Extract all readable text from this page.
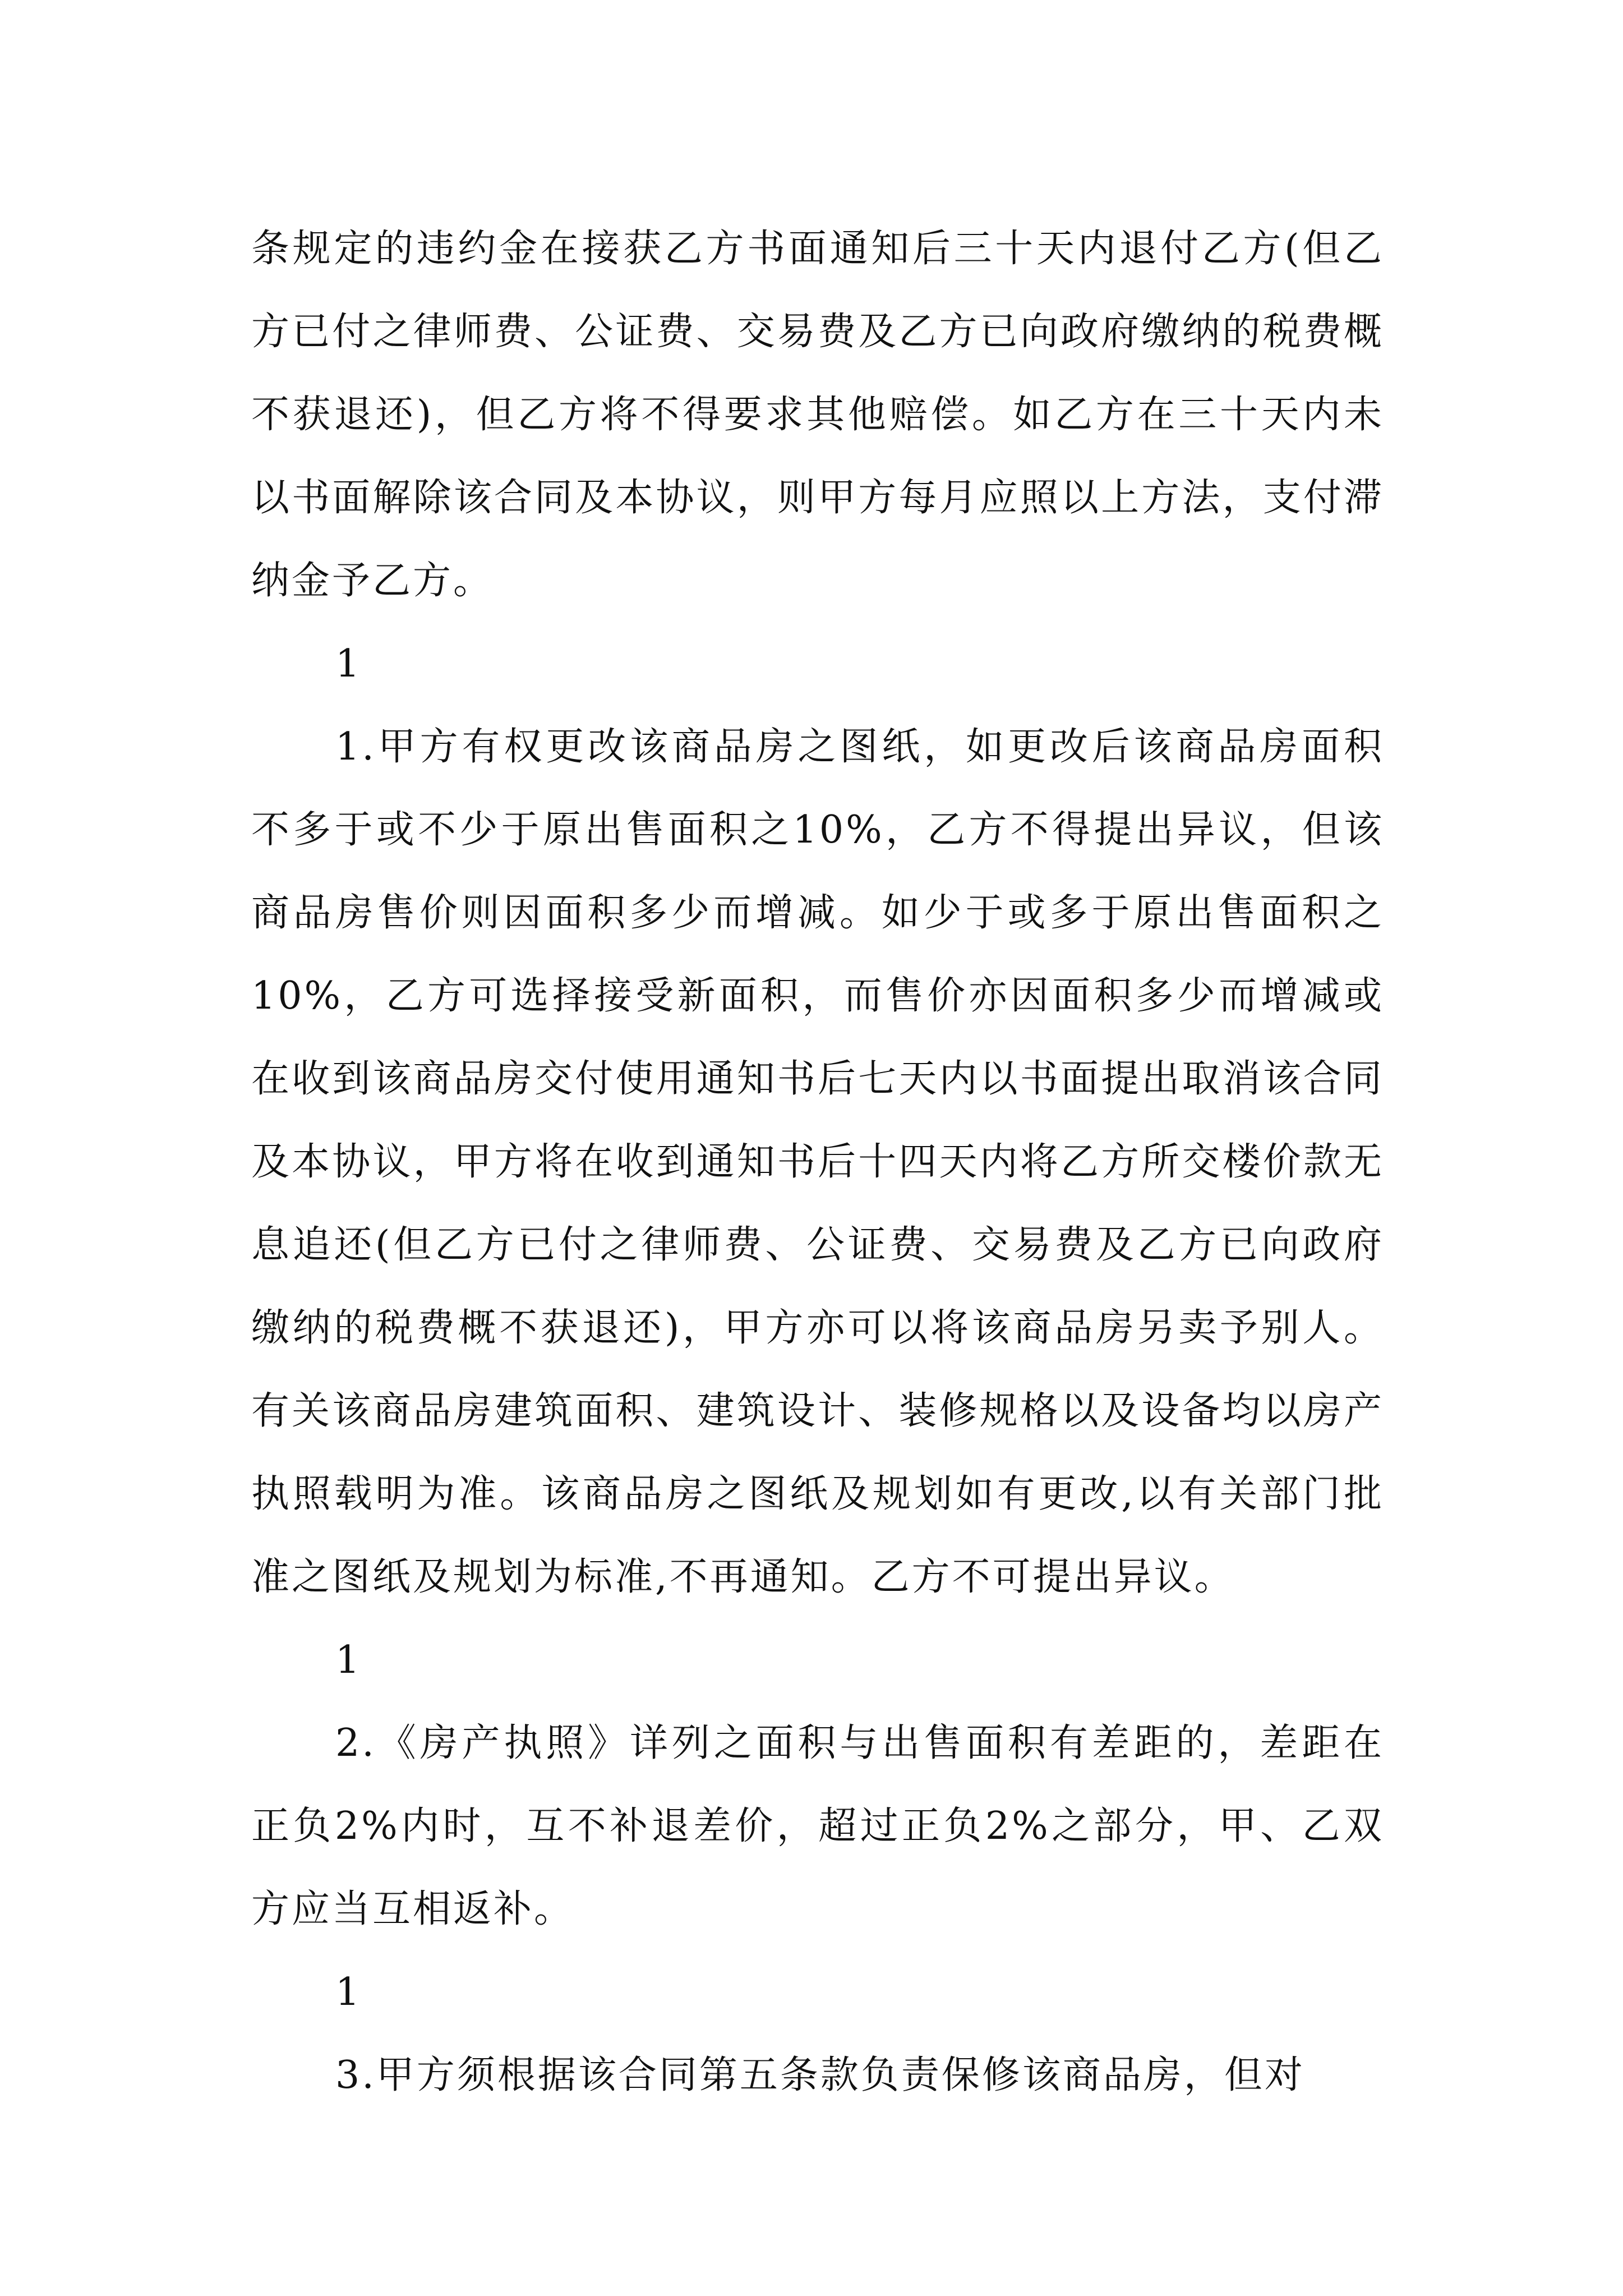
条规定的违约金在接获乙方书面通知后三十天内退付乙方(但乙方已付之律师费、公证费、交易费及乙方已向政府缴纳的税费概不获退还)，但乙方将不得要求其他赔偿。如乙方在三十天内未以书面解除该合同及本协议，则甲方每月应照以上方法，支付滞纳金予乙方。

1

1.甲方有权更改该商品房之图纸，如更改后该商品房面积不多于或不少于原出售面积之10%，乙方不得提出异议，但该商品房售价则因面积多少而增减。如少于或多于原出售面积之10%，乙方可选择接受新面积，而售价亦因面积多少而增减或在收到该商品房交付使用通知书后七天内以书面提出取消该合同及本协议，甲方将在收到通知书后十四天内将乙方所交楼价款无息追还(但乙方已付之律师费、公证费、交易费及乙方已向政府缴纳的税费概不获退还)，甲方亦可以将该商品房另卖予别人。有关该商品房建筑面积、建筑设计、装修规格以及设备均以房产执照载明为准。该商品房之图纸及规划如有更改,以有关部门批准之图纸及规划为标准,不再通知。乙方不可提出异议。

1

2.《房产执照》详列之面积与出售面积有差距的，差距在正负2%内时，互不补退差价，超过正负2%之部分，甲、乙双方应当互相返补。

1

3.甲方须根据该合同第五条款负责保修该商品房，但对
